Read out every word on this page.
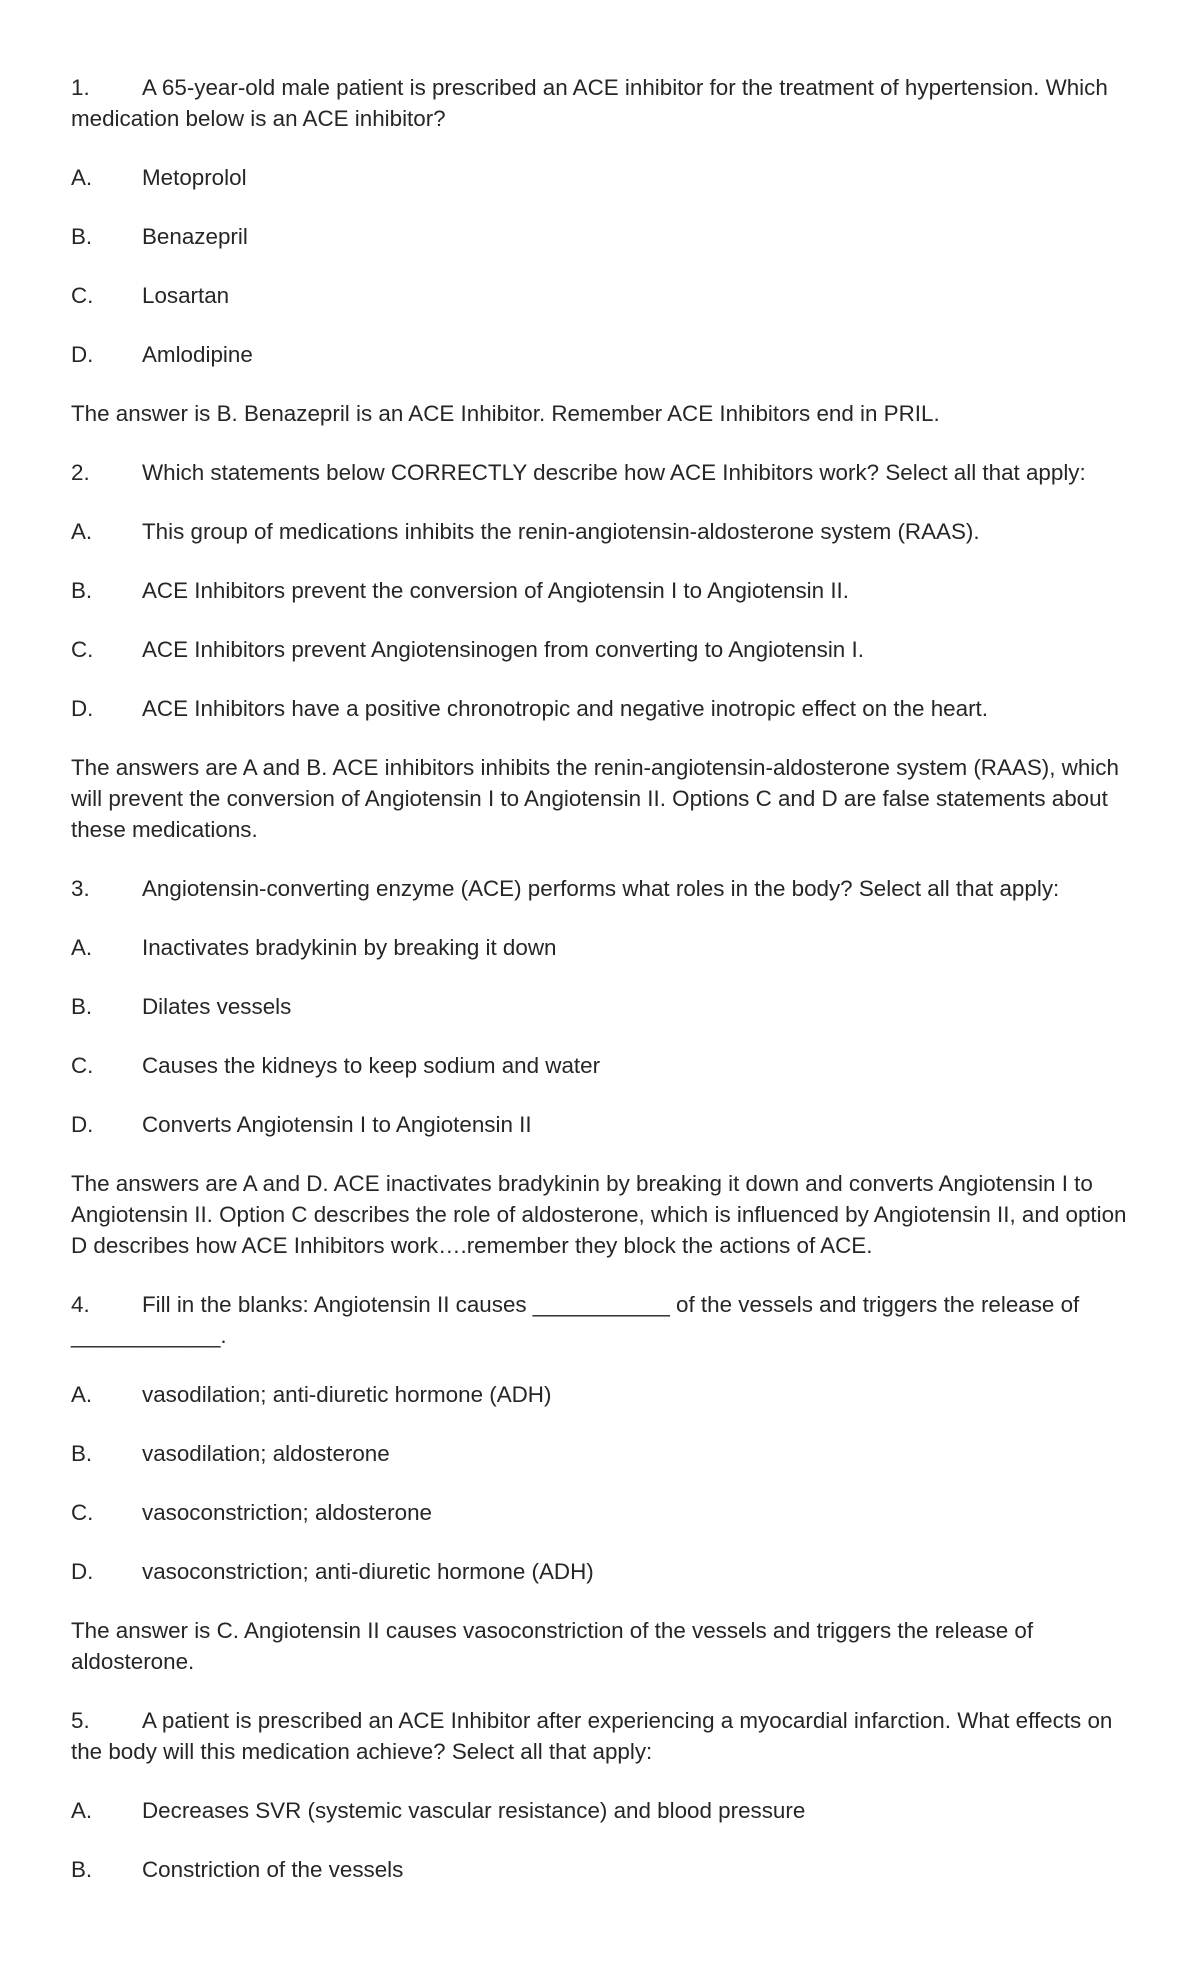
1. A 65-year-old male patient is prescribed an ACE inhibitor for the treatment of hypertension. Which medication below is an ACE inhibitor?

A.	Metoprolol
B.	Benazepril
C.	Losartan
D.	Amlodipine

The answer is B. Benazepril is an ACE Inhibitor. Remember ACE Inhibitors end in PRIL.

2. Which statements below CORRECTLY describe how ACE Inhibitors work? Select all that apply:

A.	This group of medications inhibits the renin-angiotensin-aldosterone system (RAAS).
B.	ACE Inhibitors prevent the conversion of Angiotensin I to Angiotensin II.
C.	ACE Inhibitors prevent Angiotensinogen from converting to Angiotensin I.
D.	ACE Inhibitors have a positive chronotropic and negative inotropic effect on the heart.

The answers are A and B. ACE inhibitors inhibits the renin-angiotensin-aldosterone system (RAAS), which will prevent the conversion of Angiotensin I to Angiotensin II. Options C and D are false statements about these medications.

3. Angiotensin-converting enzyme (ACE) performs what roles in the body? Select all that apply:

A.	Inactivates bradykinin by breaking it down
B.	Dilates vessels
C.	Causes the kidneys to keep sodium and water
D.	Converts Angiotensin I to Angiotensin II

The answers are A and D. ACE inactivates bradykinin by breaking it down and converts Angiotensin I to Angiotensin II. Option C describes the role of aldosterone, which is influenced by Angiotensin II, and option D describes how ACE Inhibitors work….remember they block the actions of ACE.

4. Fill in the blanks: Angiotensin II causes ___________ of the vessels and triggers the release of ____________.

A.	vasodilation; anti-diuretic hormone (ADH)
B.	vasodilation; aldosterone
C.	vasoconstriction; aldosterone
D.	vasoconstriction; anti-diuretic hormone (ADH)

The answer is C. Angiotensin II causes vasoconstriction of the vessels and triggers the release of aldosterone.

5. A patient is prescribed an ACE Inhibitor after experiencing a myocardial infarction. What effects on the body will this medication achieve? Select all that apply:

A.	Decreases SVR (systemic vascular resistance) and blood pressure
B.	Constriction of the vessels
